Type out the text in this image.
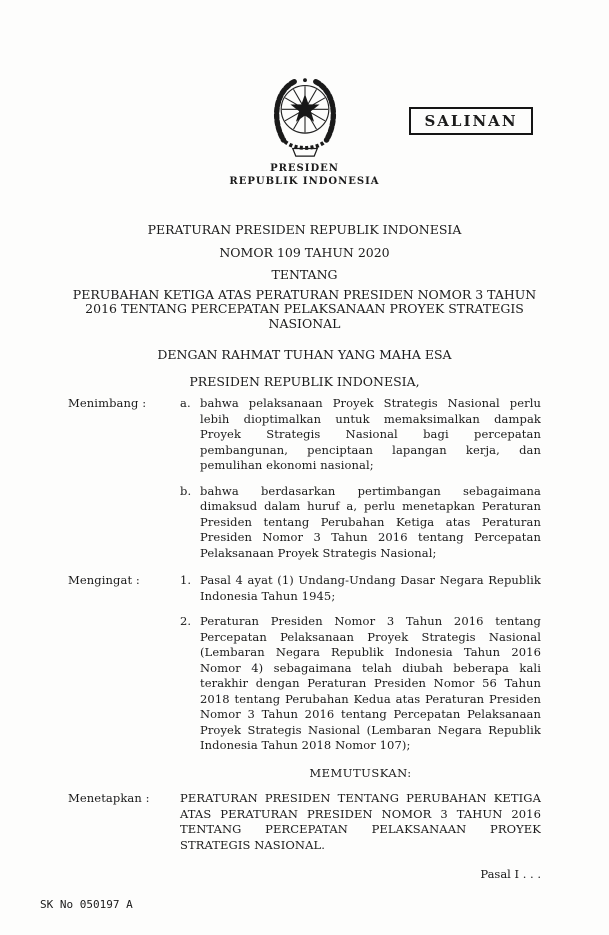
SALINAN
PRESIDEN
REPUBLIK INDONESIA
PERATURAN PRESIDEN REPUBLIK INDONESIA
NOMOR 109 TAHUN 2020
TENTANG
PERUBAHAN KETIGA ATAS PERATURAN PRESIDEN NOMOR 3 TAHUN 2016 TENTANG PERCEPATAN PELAKSANAAN PROYEK STRATEGIS NASIONAL
DENGAN RAHMAT TUHAN YANG MAHA ESA
PRESIDEN REPUBLIK INDONESIA,
Menimbang :	a. bahwa pelaksanaan Proyek Strategis Nasional perlu lebih dioptimalkan untuk memaksimalkan dampak Proyek Strategis Nasional bagi percepatan pembangunan, penciptaan lapangan kerja, dan pemulihan ekonomi nasional;
b. bahwa berdasarkan pertimbangan sebagaimana dimaksud dalam huruf a, perlu menetapkan Peraturan Presiden tentang Perubahan Ketiga atas Peraturan Presiden Nomor 3 Tahun 2016 tentang Percepatan Pelaksanaan Proyek Strategis Nasional;
Mengingat :	1. Pasal 4 ayat (1) Undang-Undang Dasar Negara Republik Indonesia Tahun 1945;
2. Peraturan Presiden Nomor 3 Tahun 2016 tentang Percepatan Pelaksanaan Proyek Strategis Nasional (Lembaran Negara Republik Indonesia Tahun 2016 Nomor 4) sebagaimana telah diubah beberapa kali terakhir dengan Peraturan Presiden Nomor 56 Tahun 2018 tentang Perubahan Kedua atas Peraturan Presiden Nomor 3 Tahun 2016 tentang Percepatan Pelaksanaan Proyek Strategis Nasional (Lembaran Negara Republik Indonesia Tahun 2018 Nomor 107);
MEMUTUSKAN:
Menetapkan :	PERATURAN PRESIDEN TENTANG PERUBAHAN KETIGA ATAS PERATURAN PRESIDEN NOMOR 3 TAHUN 2016 TENTANG PERCEPATAN PELAKSANAAN PROYEK STRATEGIS NASIONAL.
Pasal I . . .
SK No 050197 A
